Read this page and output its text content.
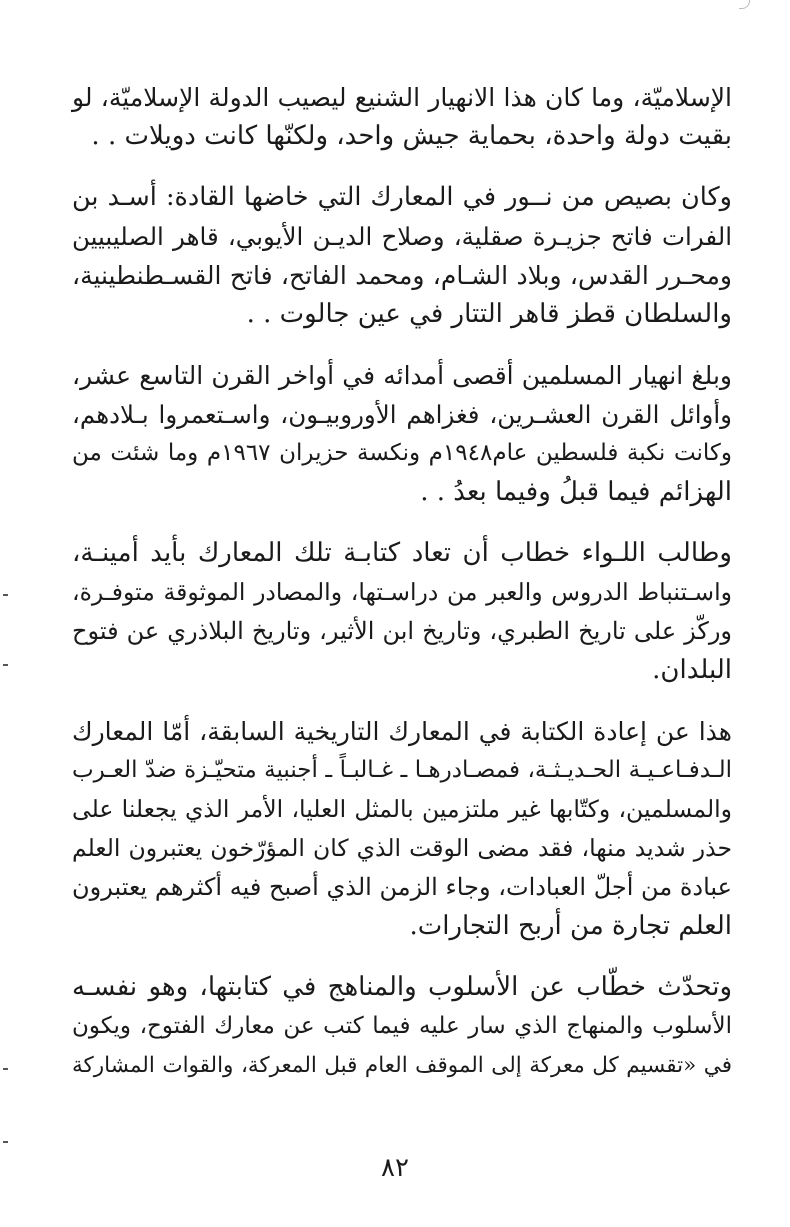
الإسلاميّة، وما كان هذا الانهيار الشنيع ليصيب الدولة الإسلاميّة، لو
بقيت دولة واحدة، بحماية جيش واحد، ولكنّها كانت دويلات . .
وكان بصيص من نــور في المعارك التي خاضها القادة: أسـد بن
الفرات فاتح جزيـرة صقلية، وصلاح الديـن الأيوبي، قاهر الصليبيين
ومحـرر القدس، وبلاد الشـام، ومحمد الفاتح، فاتح القسـطنطينية،
والسلطان قطز قاهر التتار في عين جالوت . .
وبلغ انهيار المسلمين أقصى أمدائه في أواخر القرن التاسع عشر،
وأوائل القرن العشـرين، فغزاهم الأوروبيـون، واسـتعمروا بـلادهم،
وكانت نكبة فلسطين عام١٩٤٨م ونكسة حزيران ١٩٦٧م وما شئت من
الهزائم فيما قبلُ وفيما بعدُ . .
وطالب اللـواء خطاب أن تعاد كتابـة تلك المعارك بأيد أمينـة،
واسـتنباط الدروس والعبر من دراسـتها، والمصادر الموثوقة متوفـرة،
وركّز على تاريخ الطبري، وتاريخ ابن الأثير، وتاريخ البلاذري عن فتوح
البلدان.
هذا عن إعادة الكتابة في المعارك التاريخية السابقة، أمّا المعارك
الـدفـاعـيـة الحـديـثـة، فمصـادرهـا ـ غـالبـاً ـ أجنبية متحيّـزة ضدّ العـرب
والمسلمين، وكتّابها غير ملتزمين بالمثل العليا، الأمر الذي يجعلنا على
حذر شديد منها، فقد مضى الوقت الذي كان المؤرّخون يعتبرون العلم
عبادة من أجلّ العبادات، وجاء الزمن الذي أصبح فيه أكثرهم يعتبرون
العلم تجارة من أربح التجارات.
وتحدّث خطّاب عن الأسلوب والمناهج في كتابتها، وهو نفسـه
الأسلوب والمنهاج الذي سار عليه فيما كتب عن معارك الفتوح، ويكون
في «تقسيم كل معركة إلى الموقف العام قبل المعركة، والقوات المشاركة
٨٢
